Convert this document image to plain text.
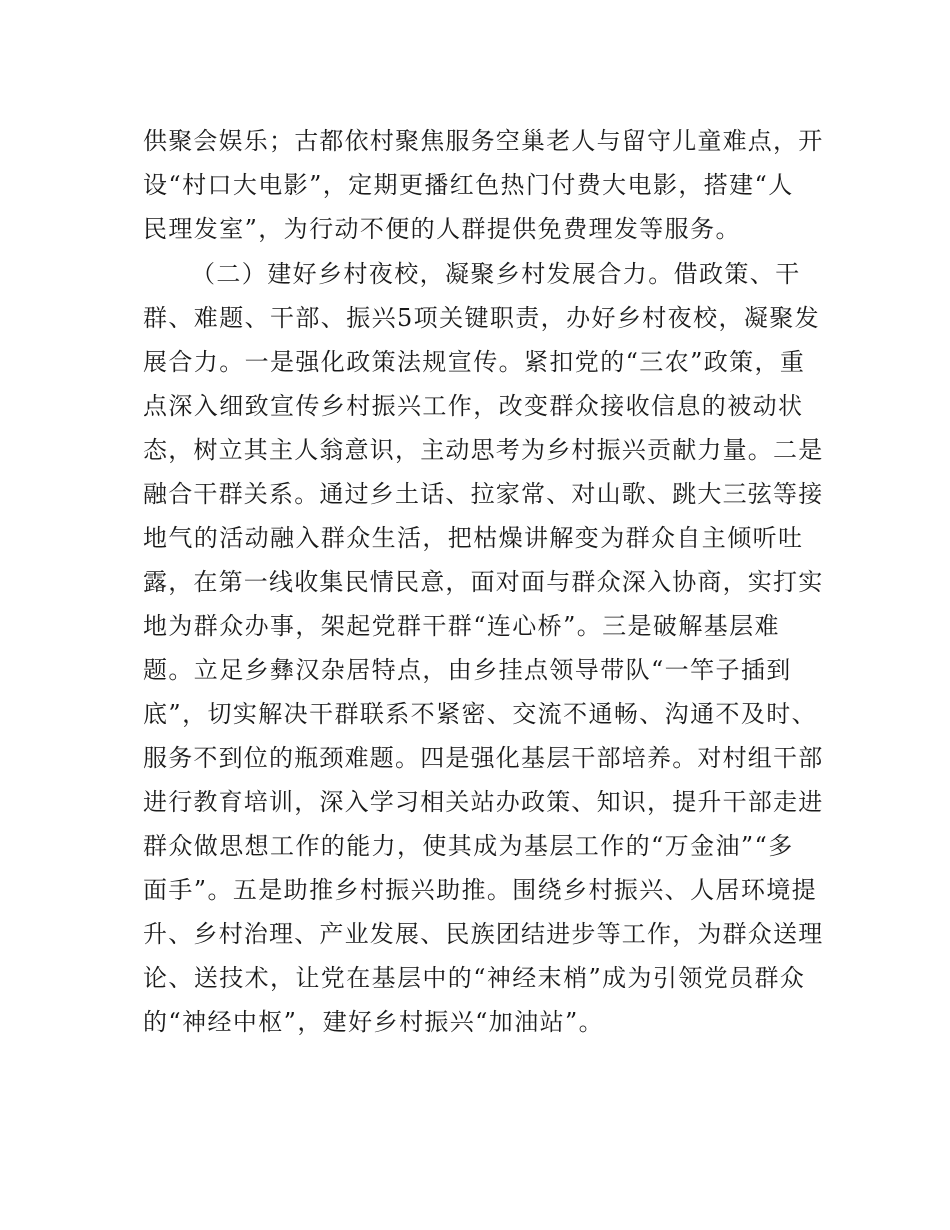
供聚会娱乐；古都依村聚焦服务空巢老人与留守儿童难点，开
设“村口大电影”，定期更播红色热门付费大电影，搭建“人
民理发室”，为行动不便的人群提供免费理发等服务。
（二）建好乡村夜校，凝聚乡村发展合力。借政策、干
群、难题、干部、振兴5项关键职责，办好乡村夜校，凝聚发
展合力。一是强化政策法规宣传。紧扣党的“三农”政策，重
点深入细致宣传乡村振兴工作，改变群众接收信息的被动状
态，树立其主人翁意识，主动思考为乡村振兴贡献力量。二是
融合干群关系。通过乡土话、拉家常、对山歌、跳大三弦等接
地气的活动融入群众生活，把枯燥讲解变为群众自主倾听吐
露，在第一线收集民情民意，面对面与群众深入协商，实打实
地为群众办事，架起党群干群“连心桥”。三是破解基层难
题。立足乡彝汉杂居特点，由乡挂点领导带队“一竿子插到
底”，切实解决干群联系不紧密、交流不通畅、沟通不及时、
服务不到位的瓶颈难题。四是强化基层干部培养。对村组干部
进行教育培训，深入学习相关站办政策、知识，提升干部走进
群众做思想工作的能力，使其成为基层工作的“万金油”“多
面手”。五是助推乡村振兴助推。围绕乡村振兴、人居环境提
升、乡村治理、产业发展、民族团结进步等工作，为群众送理
论、送技术，让党在基层中的“神经末梢”成为引领党员群众
的“神经中枢”，建好乡村振兴“加油站”。
